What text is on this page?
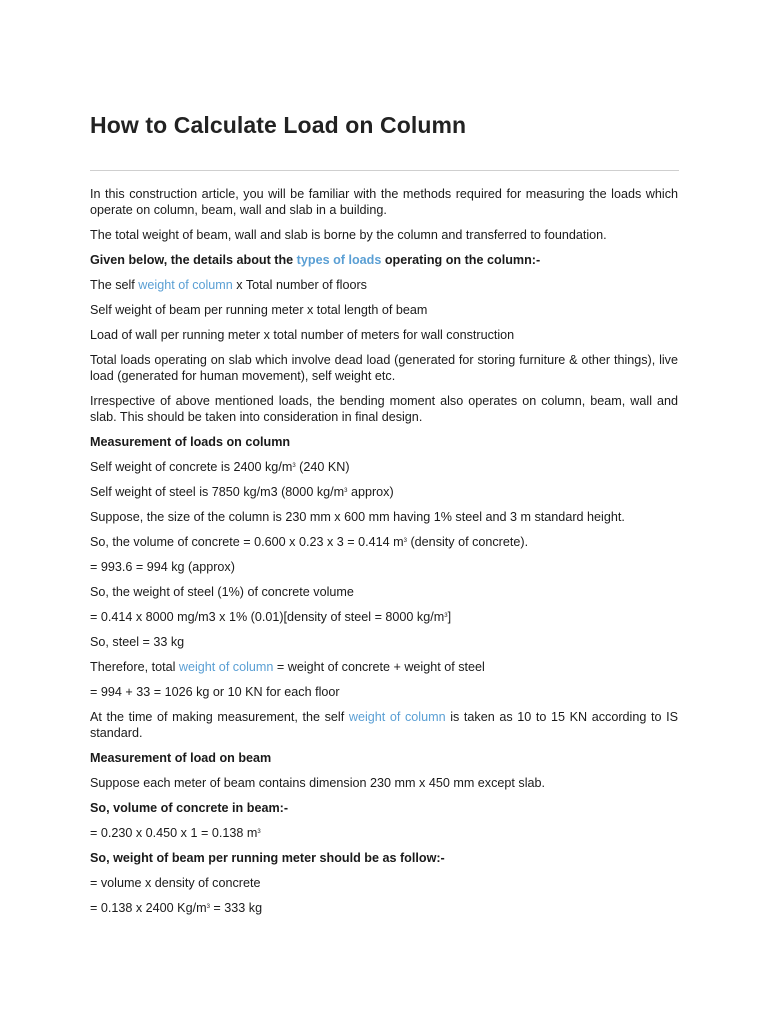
How to Calculate Load on Column

In this construction article, you will be familiar with the methods required for measuring the loads which operate on column, beam, wall and slab in a building.

The total weight of beam, wall and slab is borne by the column and transferred to foundation.

Given below, the details about the types of loads operating on the column:-

The self weight of column x Total number of floors

Self weight of beam per running meter x total length of beam

Load of wall per running meter x total number of meters for wall construction

Total loads operating on slab which involve dead load (generated for storing furniture & other things), live load (generated for human movement), self weight etc.

Irrespective of above mentioned loads, the bending moment also operates on column, beam, wall and slab. This should be taken into consideration in final design.

Measurement of loads on column

Self weight of concrete is 2400 $kg/m^3$ (240 KN)

Self weight of steel is 7850 kg/m3 (8000 $kg/m^3$ approx)

Suppose, the size of the column is 230 mm x 600 mm having 1% steel and 3 m standard height.

So, the volume of concrete = 0.600 x 0.23 x 3 = 0.414 $m^3$ (density of concrete).

= 993.6 = 994 kg (approx)

So, the weight of steel (1%) of concrete volume

= 0.414 x 8000 mg/m3 x 1% (0.01)[density of steel = 8000 $kg/m^3$]

So, steel = 33 kg

Therefore, total weight of column = weight of concrete + weight of steel

= 994 + 33 = 1026 kg or 10 KN for each floor

At the time of making measurement, the self weight of column is taken as 10 to 15 KN according to IS standard.

Measurement of load on beam

Suppose each meter of beam contains dimension 230 mm x 450 mm except slab.

So, volume of concrete in beam:-

= 0.230 x 0.450 x 1 = 0.138 $m^3$

So, weight of beam per running meter should be as follow:-

= volume x density of concrete

= 0.138 x 2400 $Kg/m^3 = 333$ kg
